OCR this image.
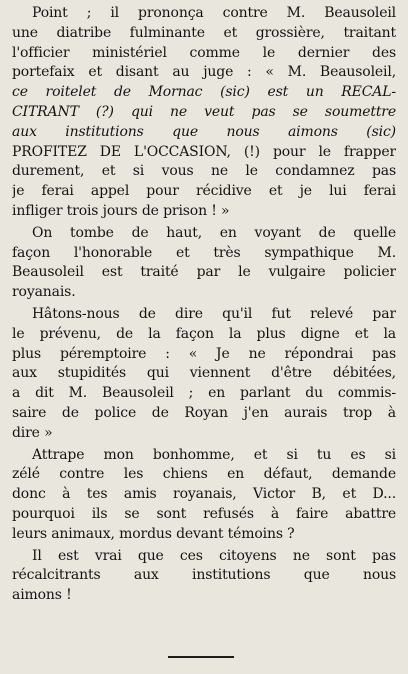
Point ; il prononça contre M. Beausoleil
une diatribe fulminante et grossière, traitant
l'officier ministériel comme le dernier des
portefaix et disant au juge : « M. Beausoleil,
ce roitelet de Mornac (sic) est un RECAL-
CITRANT (?) qui ne veut pas se soumettre
aux institutions que nous aimons (sic)
PROFITEZ DE L'OCCASION, (!) pour le frapper
durement, et si vous ne le condamnez pas
je ferai appel pour récidive et je lui ferai
infliger trois jours de prison ! »

On tombe de haut, en voyant de quelle
façon l'honorable et très sympathique M.
Beausoleil est traité par le vulgaire policier
royanais.

Hâtons-nous de dire qu'il fut relevé par
le prévenu, de la façon la plus digne et la
plus péremptoire : « Je ne répondrai pas
aux stupidités qui viennent d'être débitées,
a dit M. Beausoleil ; en parlant du commis-
saire de police de Royan j'en aurais trop à
dire »

Attrape mon bonhomme, et si tu es si
zélé contre les chiens en défaut, demande
donc à tes amis royanais, Victor B, et D...
pourquoi ils se sont refusés à faire abattre
leurs animaux, mordus devant témoins ?

Il est vrai que ces citoyens ne sont pas
récalcitrants aux institutions que nous
aimons !
